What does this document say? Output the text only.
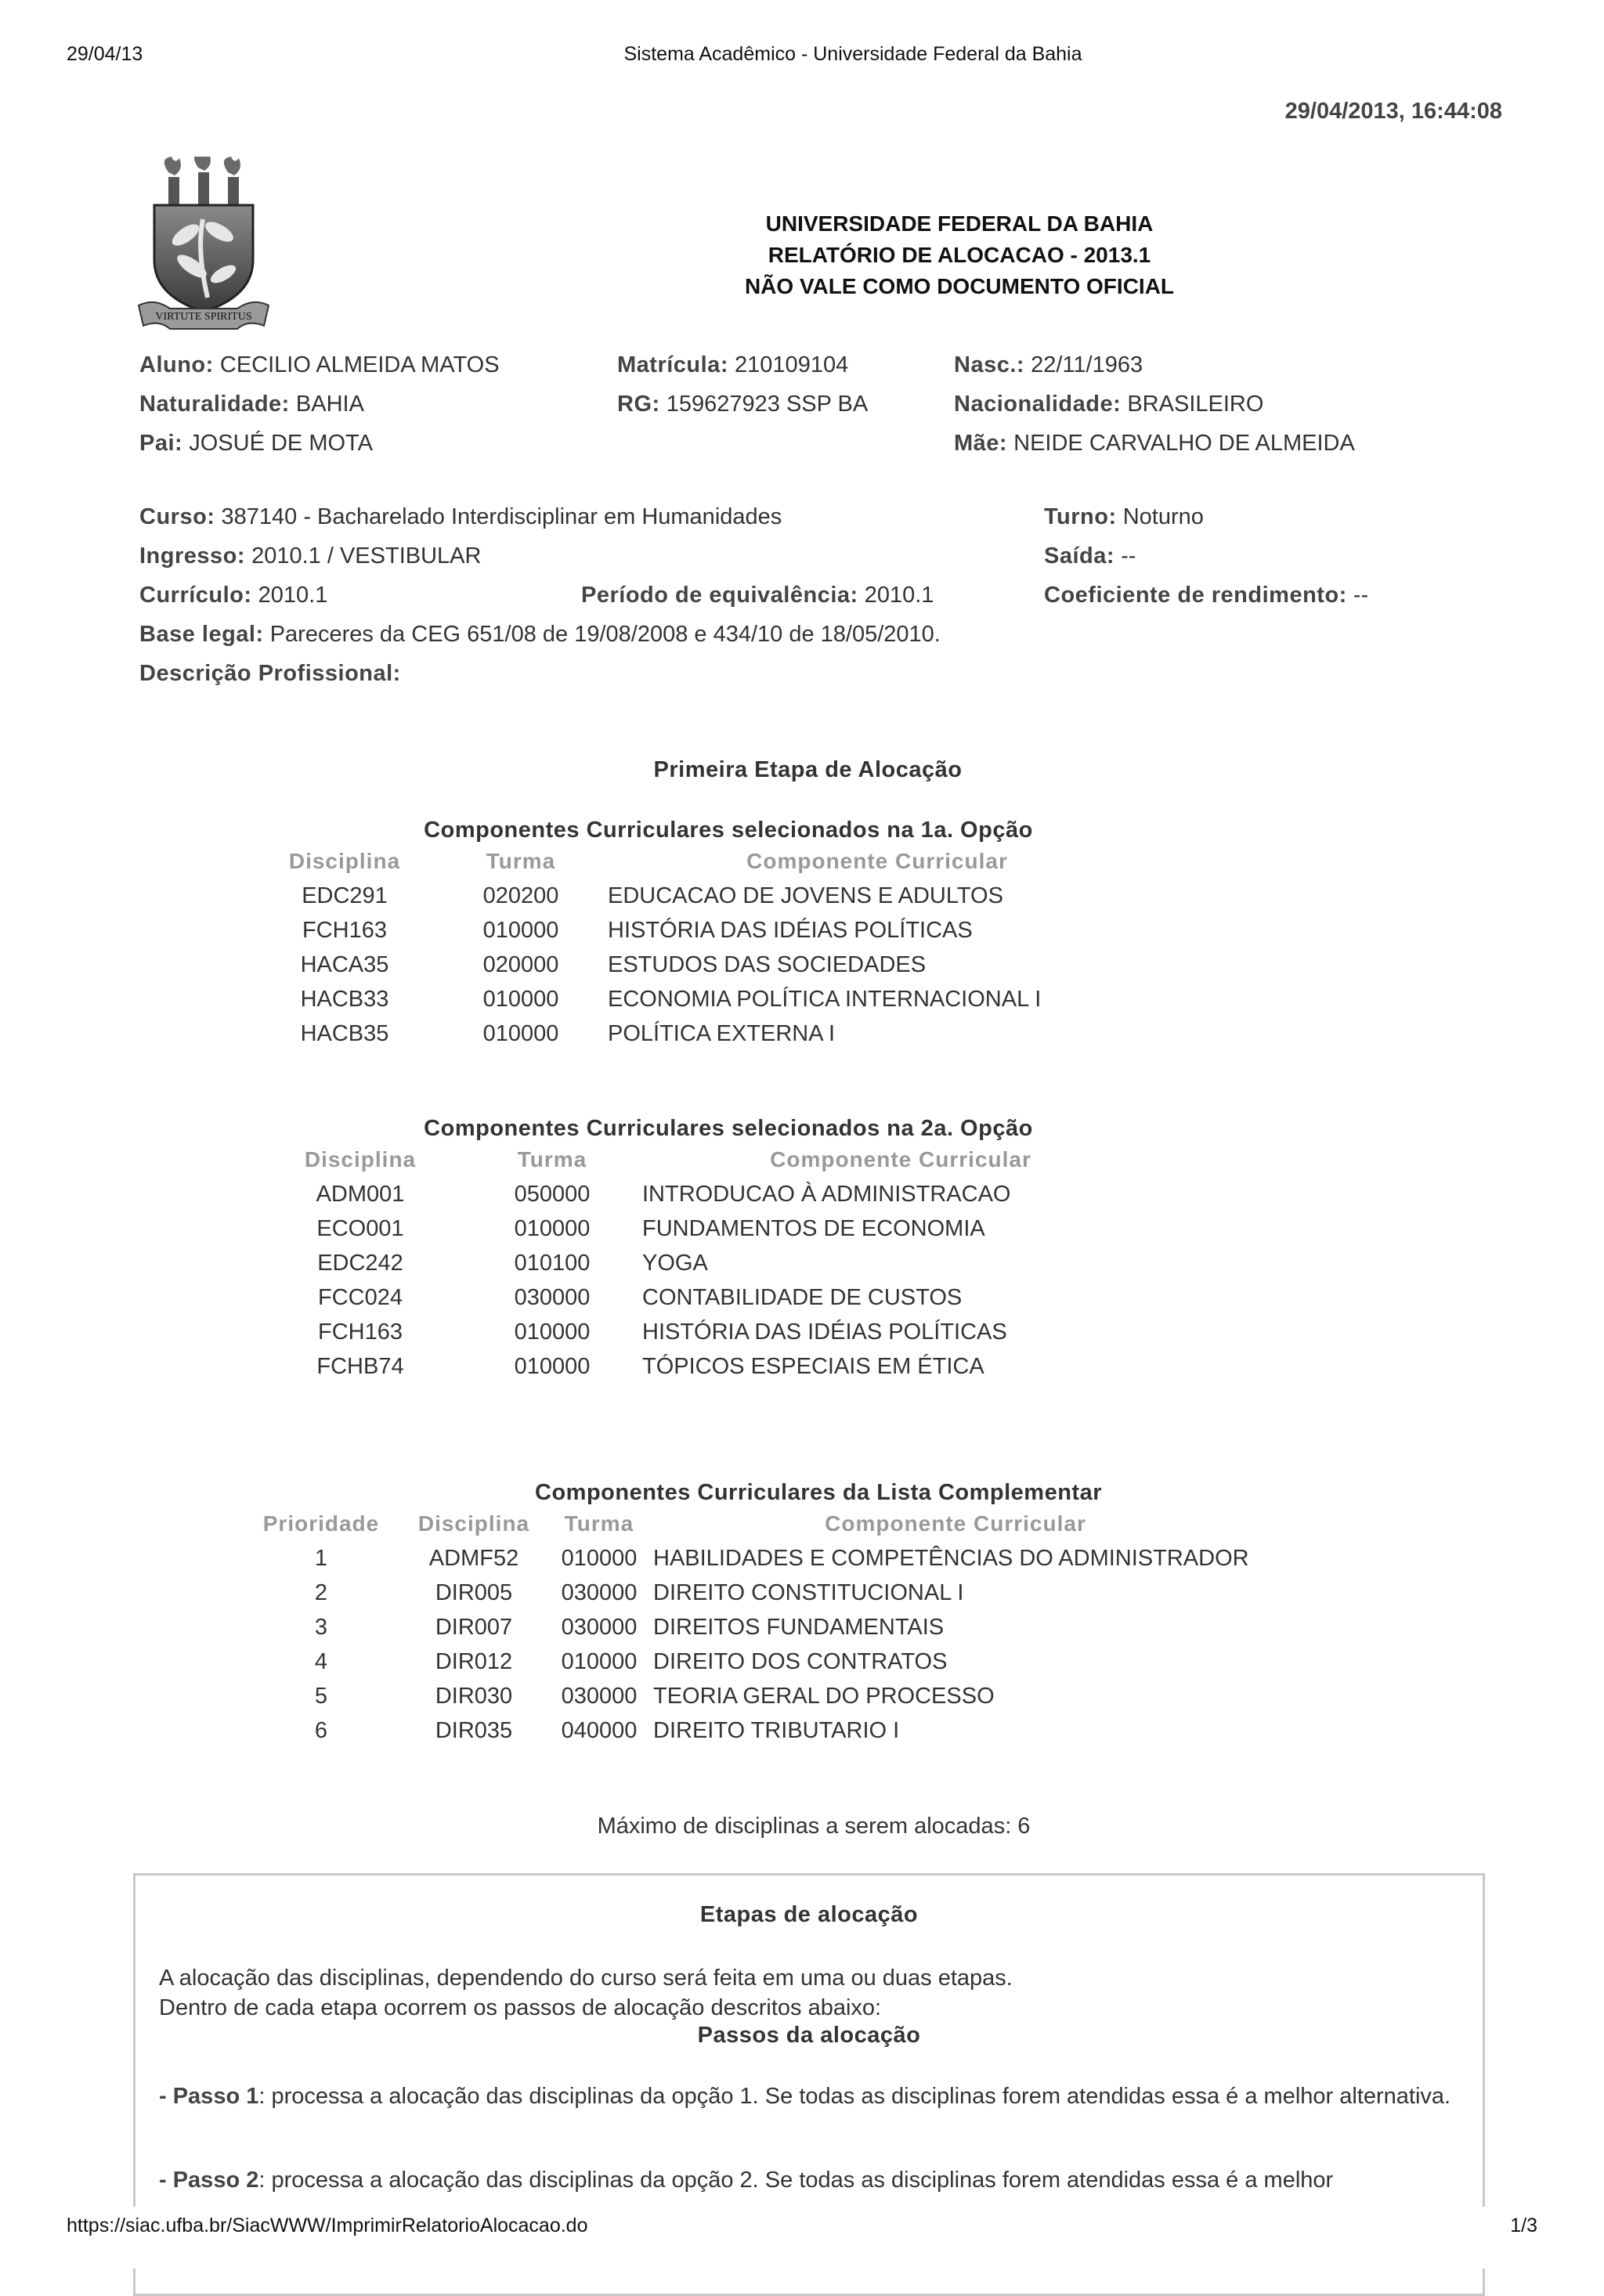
29/04/13	Sistema Acadêmico - Universidade Federal da Bahia
29/04/2013, 16:44:08
VIRTUTE SPIRITUS
UNIVERSIDADE FEDERAL DA BAHIA
RELATÓRIO DE ALOCACAO - 2013.1
NÃO VALE COMO DOCUMENTO OFICIAL
Aluno: CECILIO ALMEIDA MATOS	Matrícula: 210109104	Nasc.: 22/11/1963
Naturalidade: BAHIA	RG: 159627923 SSP BA	Nacionalidade: BRASILEIRO
Pai: JOSUÉ DE MOTA	Mãe: NEIDE CARVALHO DE ALMEIDA
Curso: 387140 - Bacharelado Interdisciplinar em Humanidades	Turno: Noturno
Ingresso: 2010.1 / VESTIBULAR	Saída: --
Currículo: 2010.1	Período de equivalência: 2010.1	Coeficiente de rendimento: --
Base legal: Pareceres da CEG 651/08 de 19/08/2008 e 434/10 de 18/05/2010.
Descrição Profissional:
Primeira Etapa de Alocação
Componentes Curriculares selecionados na 1a. Opção
Disciplina	Turma	Componente Curricular
EDC291	020200	EDUCACAO DE JOVENS E ADULTOS
FCH163	010000	HISTÓRIA DAS IDÉIAS POLÍTICAS
HACA35	020000	ESTUDOS DAS SOCIEDADES
HACB33	010000	ECONOMIA POLÍTICA INTERNACIONAL I
HACB35	010000	POLÍTICA EXTERNA I
Componentes Curriculares selecionados na 2a. Opção
Disciplina	Turma	Componente Curricular
ADM001	050000	INTRODUCAO À ADMINISTRACAO
ECO001	010000	FUNDAMENTOS DE ECONOMIA
EDC242	010100	YOGA
FCC024	030000	CONTABILIDADE DE CUSTOS
FCH163	010000	HISTÓRIA DAS IDÉIAS POLÍTICAS
FCHB74	010000	TÓPICOS ESPECIAIS EM ÉTICA
Componentes Curriculares da Lista Complementar
Prioridade	Disciplina	Turma	Componente Curricular
1	ADMF52	010000 HABILIDADES E COMPETÊNCIAS DO ADMINISTRADOR
2	DIR005	030000 DIREITO CONSTITUCIONAL I
3	DIR007	030000 DIREITOS FUNDAMENTAIS
4	DIR012	010000 DIREITO DOS CONTRATOS
5	DIR030	030000 TEORIA GERAL DO PROCESSO
6	DIR035	040000 DIREITO TRIBUTARIO I
Máximo de disciplinas a serem alocadas: 6
Etapas de alocação
A alocação das disciplinas, dependendo do curso será feita em uma ou duas etapas.
Dentro de cada etapa ocorrem os passos de alocação descritos abaixo:
Passos da alocação
- Passo 1: processa a alocação das disciplinas da opção 1. Se todas as disciplinas forem atendidas essa é a melhor alternativa.
- Passo 2: processa a alocação das disciplinas da opção 2. Se todas as disciplinas forem atendidas essa é a melhor
https://siac.ufba.br/SiacWWW/ImprimirRelatorioAlocacao.do	1/3
